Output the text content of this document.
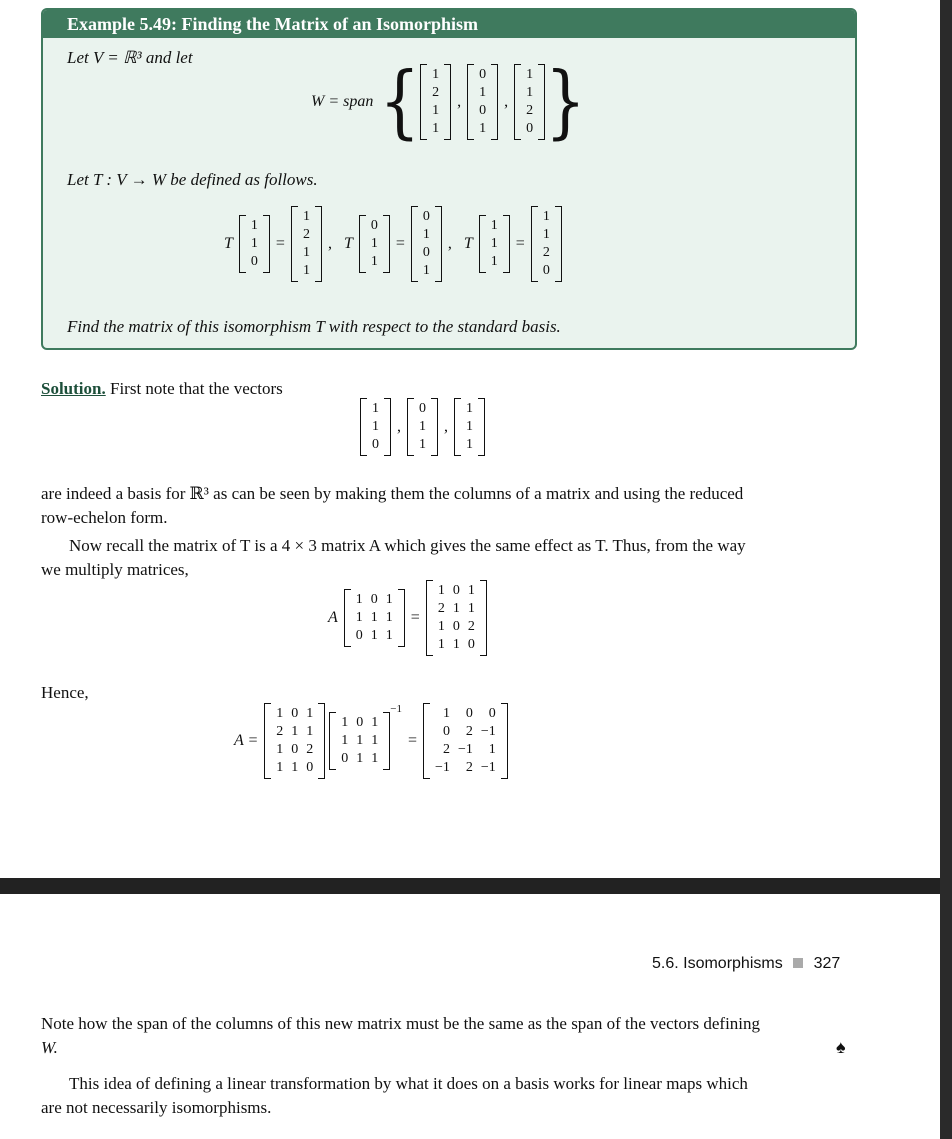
Example 5.49: Finding the Matrix of an Isomorphism
Let V = ℝ³ and let
W = span { 1
2
1
1
,
0
1
0
1
,
1
1
2
0 }
Let T : V → W be defined as follows.
T
1
1
0
=
1
2
1
1
, T
0
1
1
=
0
1
0
1
, T
1
1
1
=
1
1
2
0
Find the matrix of this isomorphism T with respect to the standard basis.
Solution. First note that the vectors
1
1
0
,
0
1
1
,
1
1
1
are indeed a basis for ℝ³ as can be seen by making them the columns of a matrix and using the reduced
row-echelon form.
Now recall the matrix of T is a 4 × 3 matrix A which gives the same effect as T. Thus, from the way
we multiply matrices,
A
1
1
0
0
1
1
1
1
1
=
1
2
1
1
0
1
0
1
1
1
2
0
Hence,
A =
1
2
1
1
0
1
0
1
1
1
2
0
1
1
0
0
1
1
1
1
1
$^{-1}$
=
1
0
2
−1
0
2
−1
2
0
−1
1
−1
5.6. Isomorphisms 327
Note how the span of the columns of this new matrix must be the same as the span of the vectors defining
W.	♠
This idea of defining a linear transformation by what it does on a basis works for linear maps which
are not necessarily isomorphisms.
